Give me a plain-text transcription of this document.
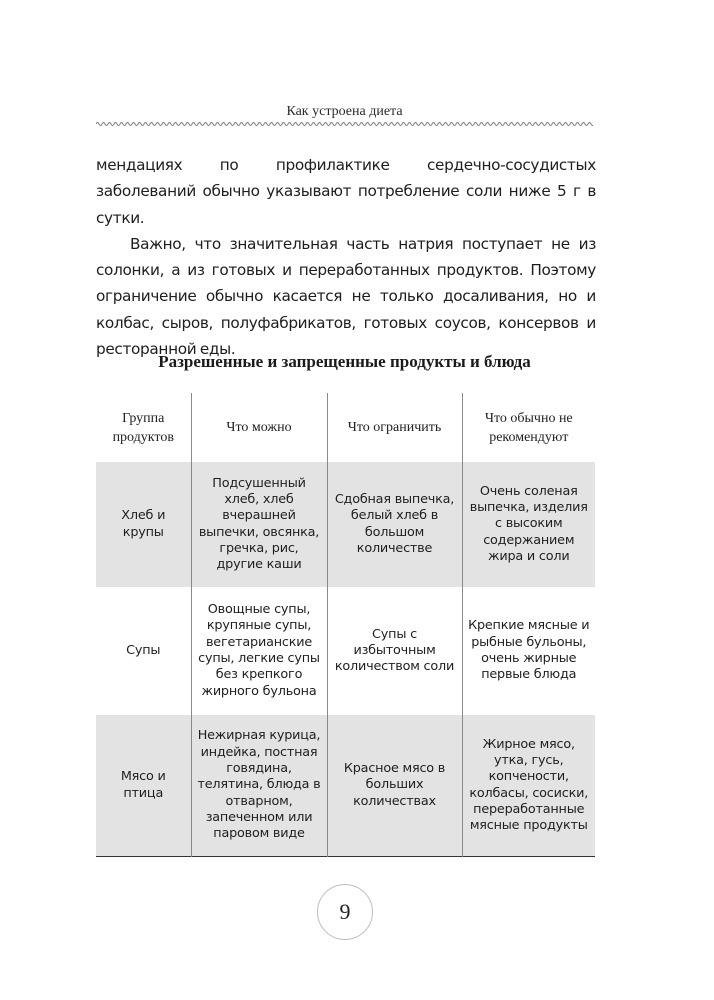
Как устроена диета

мендациях по профилактике сердечно-сосудистых заболеваний обычно указывают потребление соли ниже 5 г в сутки.

Важно, что значительная часть натрия поступает не из солонки, а из готовых и переработанных продуктов. Поэтому ограничение обычно касается не только досаливания, но и колбас, сыров, полуфабрикатов, готовых соусов, консервов и ресторанной еды.

Разрешенные и запрещенные продукты и блюда
Группа продуктов	Что можно	Что ограничить	Что обычно не рекомендуют
Хлеб и крупы	Подсушенный хлеб, хлеб вчерашней выпечки, овсянка, гречка, рис, другие каши	Сдобная выпечка, белый хлеб в большом количестве	Очень соленая выпечка, изделия с высоким содержанием жира и соли
Супы	Овощные супы, крупяные супы, вегетарианские супы, легкие супы без крепкого жирного бульона	Супы с избыточным количеством соли	Крепкие мясные и рыбные бульоны, очень жирные первые блюда
Мясо и птица	Нежирная курица, индейка, постная говядина, телятина, блюда в отварном, запеченном или паровом виде	Красное мясо в больших количествах	Жирное мясо, утка, гусь, копчености, колбасы, сосиски, переработанные мясные продукты
9
